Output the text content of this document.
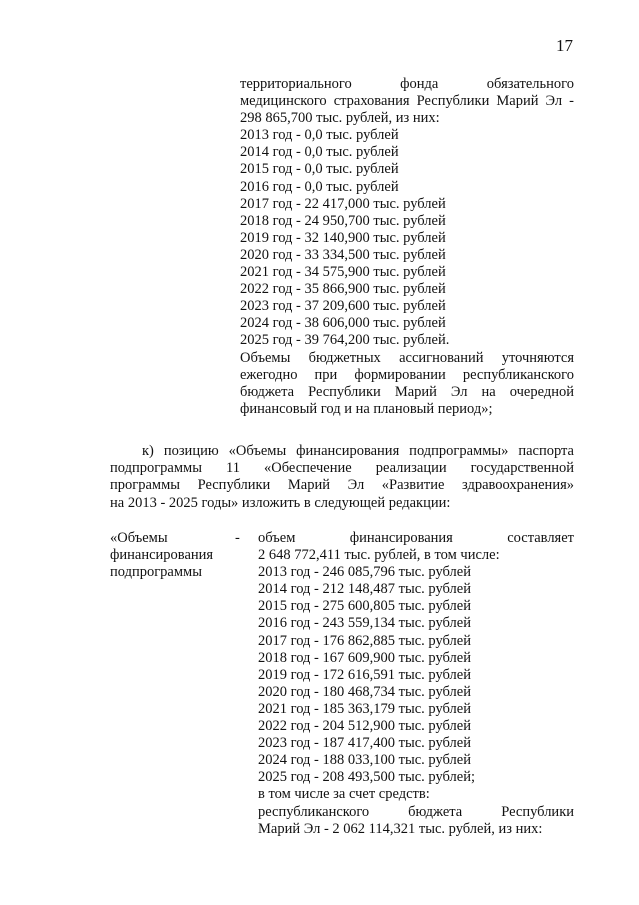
17
территориального фонда обязательного
медицинского страхования Республики Марий Эл -
298 865,700 тыс. рублей, из них:
2013 год - 0,0 тыс. рублей
2014 год - 0,0 тыс. рублей
2015 год - 0,0 тыс. рублей
2016 год - 0,0 тыс. рублей
2017 год - 22 417,000 тыс. рублей
2018 год - 24 950,700 тыс. рублей
2019 год - 32 140,900 тыс. рублей
2020 год - 33 334,500 тыс. рублей
2021 год - 34 575,900 тыс. рублей
2022 год - 35 866,900 тыс. рублей
2023 год - 37 209,600 тыс. рублей
2024 год - 38 606,000 тыс. рублей
2025 год - 39 764,200 тыс. рублей.
Объемы бюджетных ассигнований уточняются
ежегодно при формировании республиканского
бюджета Республики Марий Эл на очередной
финансовый год и на плановый период»;
к) позицию «Объемы финансирования подпрограммы» паспорта
подпрограммы 11 «Обеспечение реализации государственной
программы Республики Марий Эл «Развитие здравоохранения»
на 2013 - 2025 годы» изложить в следующей редакции:
«Объемы
финансирования
подпрограммы
- объем финансирования составляет
2 648 772,411 тыс. рублей, в том числе:
2013 год - 246 085,796 тыс. рублей
2014 год - 212 148,487 тыс. рублей
2015 год - 275 600,805 тыс. рублей
2016 год - 243 559,134 тыс. рублей
2017 год - 176 862,885 тыс. рублей
2018 год - 167 609,900 тыс. рублей
2019 год - 172 616,591 тыс. рублей
2020 год - 180 468,734 тыс. рублей
2021 год - 185 363,179 тыс. рублей
2022 год - 204 512,900 тыс. рублей
2023 год - 187 417,400 тыс. рублей
2024 год - 188 033,100 тыс. рублей
2025 год - 208 493,500 тыс. рублей;
в том числе за счет средств:
республиканского бюджета Республики
Марий Эл - 2 062 114,321 тыс. рублей, из них:
